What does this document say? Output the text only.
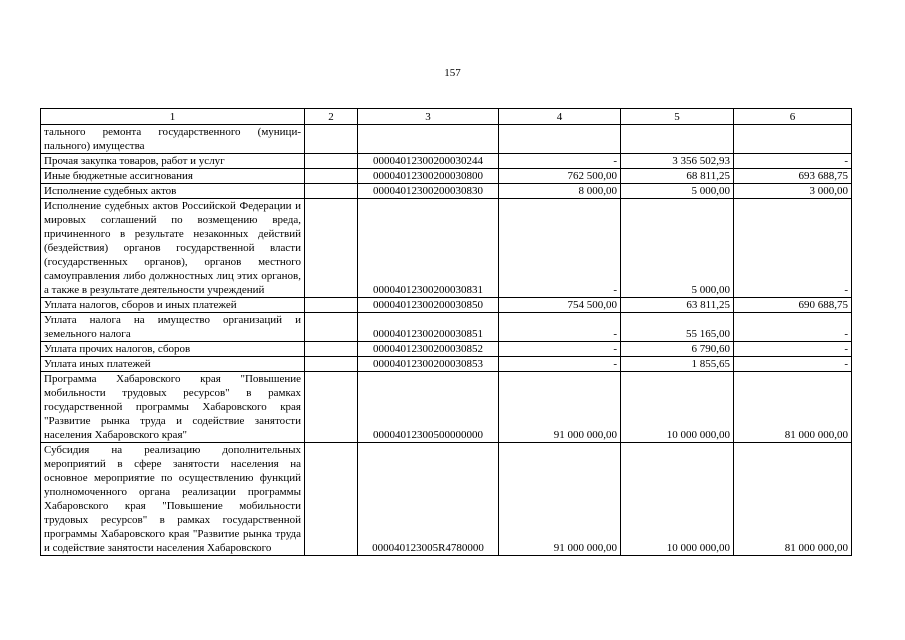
157
1	2	3	4	5	6
тального ремонта государственного (муници-пального) имущества					
Прочая закупка товаров, работ и услуг		00004012300200030244	-	3 356 502,93	-
Иные бюджетные ассигнования		00004012300200030800	762 500,00	68 811,25	693 688,75
Исполнение судебных актов		00004012300200030830	8 000,00	5 000,00	3 000,00
Исполнение судебных актов Российской Федерации и мировых соглашений по возмещению вреда, причиненного в результате незаконных действий (бездействия) органов государственной власти (государственных органов), органов местного самоуправления либо должностных лиц этих органов, а также в результате деятельности учреждений		00004012300200030831	-	5 000,00	-
Уплата налогов, сборов и иных платежей		00004012300200030850	754 500,00	63 811,25	690 688,75
Уплата налога на имущество организаций и земельного налога		00004012300200030851	-	55 165,00	-
Уплата прочих налогов, сборов		00004012300200030852	-	6 790,60	-
Уплата иных платежей		00004012300200030853	-	1 855,65	-
Программа Хабаровского края "Повышение мобильности трудовых ресурсов" в рамках государственной программы Хабаровского края "Развитие рынка труда и содействие занятости населения Хабаровского края"		00004012300500000000	91 000 000,00	10 000 000,00	81 000 000,00
Субсидия на реализацию дополнительных мероприятий в сфере занятости населения на основное мероприятие по осуществлению функций уполномоченного органа реализации программы Хабаровского края "Повышение мобильности трудовых ресурсов" в рамках государственной программы Хабаровского края "Развитие рынка труда и содействие занятости населения Хабаровского		000040123005R4780000	91 000 000,00	10 000 000,00	81 000 000,00
